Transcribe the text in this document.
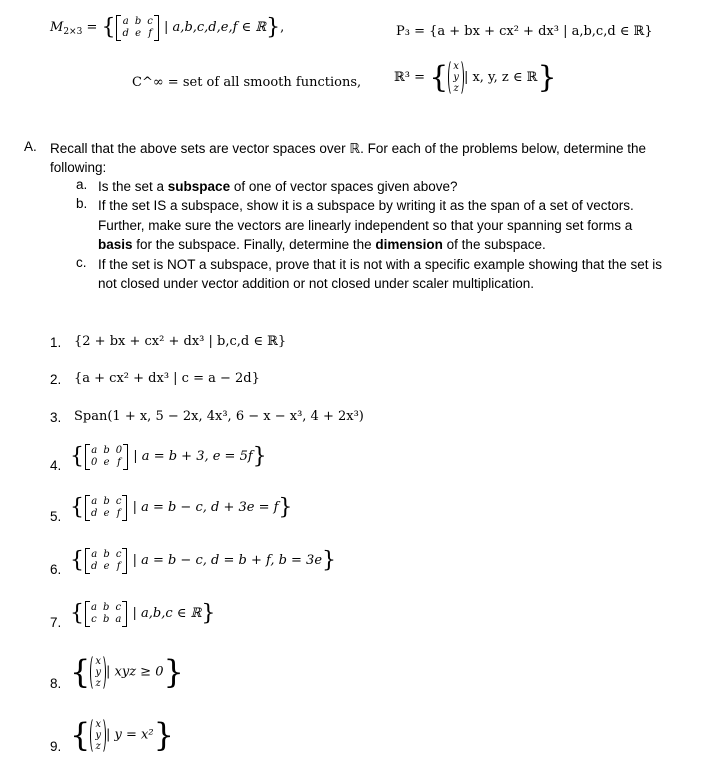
$M_{2\times 3}$ = { a	b	c
d	e	f | a,b,c,d,e,f ∈ ℝ},	P₃ = {a + bx + cx² + dx³ | a,b,c,d ∈ ℝ}
C^∞ = set of all smooth functions,	ℝ³ = { x
y
z
| x, y, z ∈ ℝ}
A. Recall that the above sets are vector spaces over ℝ. For each of the problems below, determine the following:
a. Is the set a subspace of one of vector spaces given above?
b. If the set IS a subspace, show it is a subspace by writing it as the span of a set of vectors. Further, make sure the vectors are linearly independent so that your spanning set forms a basis for the subspace. Finally, determine the dimension of the subspace.
c. If the set is NOT a subspace, prove that it is not with a specific example showing that the set is not closed under vector addition or not closed under scaler multiplication.
1. {2 + bx + cx² + dx³ | b,c,d ∈ ℝ}
2. {a + cx² + dx³ | c = a − 2d}
3. Span(1 + x, 5 − 2x, 4x³, 6 − x − x³, 4 + 2x³)
4. { a	b	0
0	e	f | a = b + 3, e = 5f}
5. { a	b	c
d	e	f | a = b − c, d + 3e = f}
6. { a	b	c
d	e	f | a = b − c, d = b + f, b = 3e}
7. { a	b	c
c	b	a | a,b,c ∈ ℝ}
8. { x
y
z
| xyz ≥ 0}
9. { x
y
z
| y = x²}
